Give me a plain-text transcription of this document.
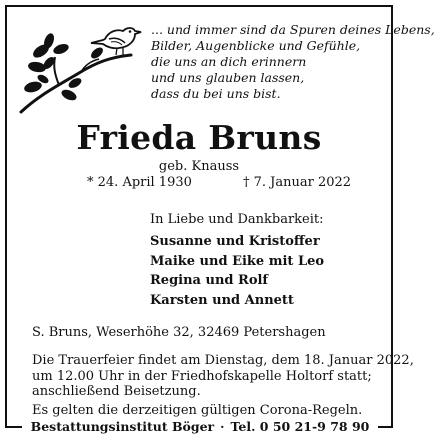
... und immer sind da Spuren deines Lebens,
Bilder, Augenblicke und Gefühle,
die uns an dich erinnern
und uns glauben lassen,
dass du bei uns bist.
Frieda Bruns
geb. Knauss
* 24. April 1930	† 7. Januar 2022
In Liebe und Dankbarkeit:
Susanne und Kristoffer
Maike und Eike mit Leo
Regina und Rolf
Karsten und Annett
S. Bruns, Weserhöhe 32, 32469 Petershagen
Die Trauerfeier findet am Dienstag, dem 18. Januar 2022,
um 12.00 Uhr in der Friedhofskapelle Holtorf statt;
anschließend Beisetzung.
Es gelten die derzeitigen gültigen Corona-Regeln.
Bestattungsinstitut Böger · Tel. 0 50 21-9 78 90
